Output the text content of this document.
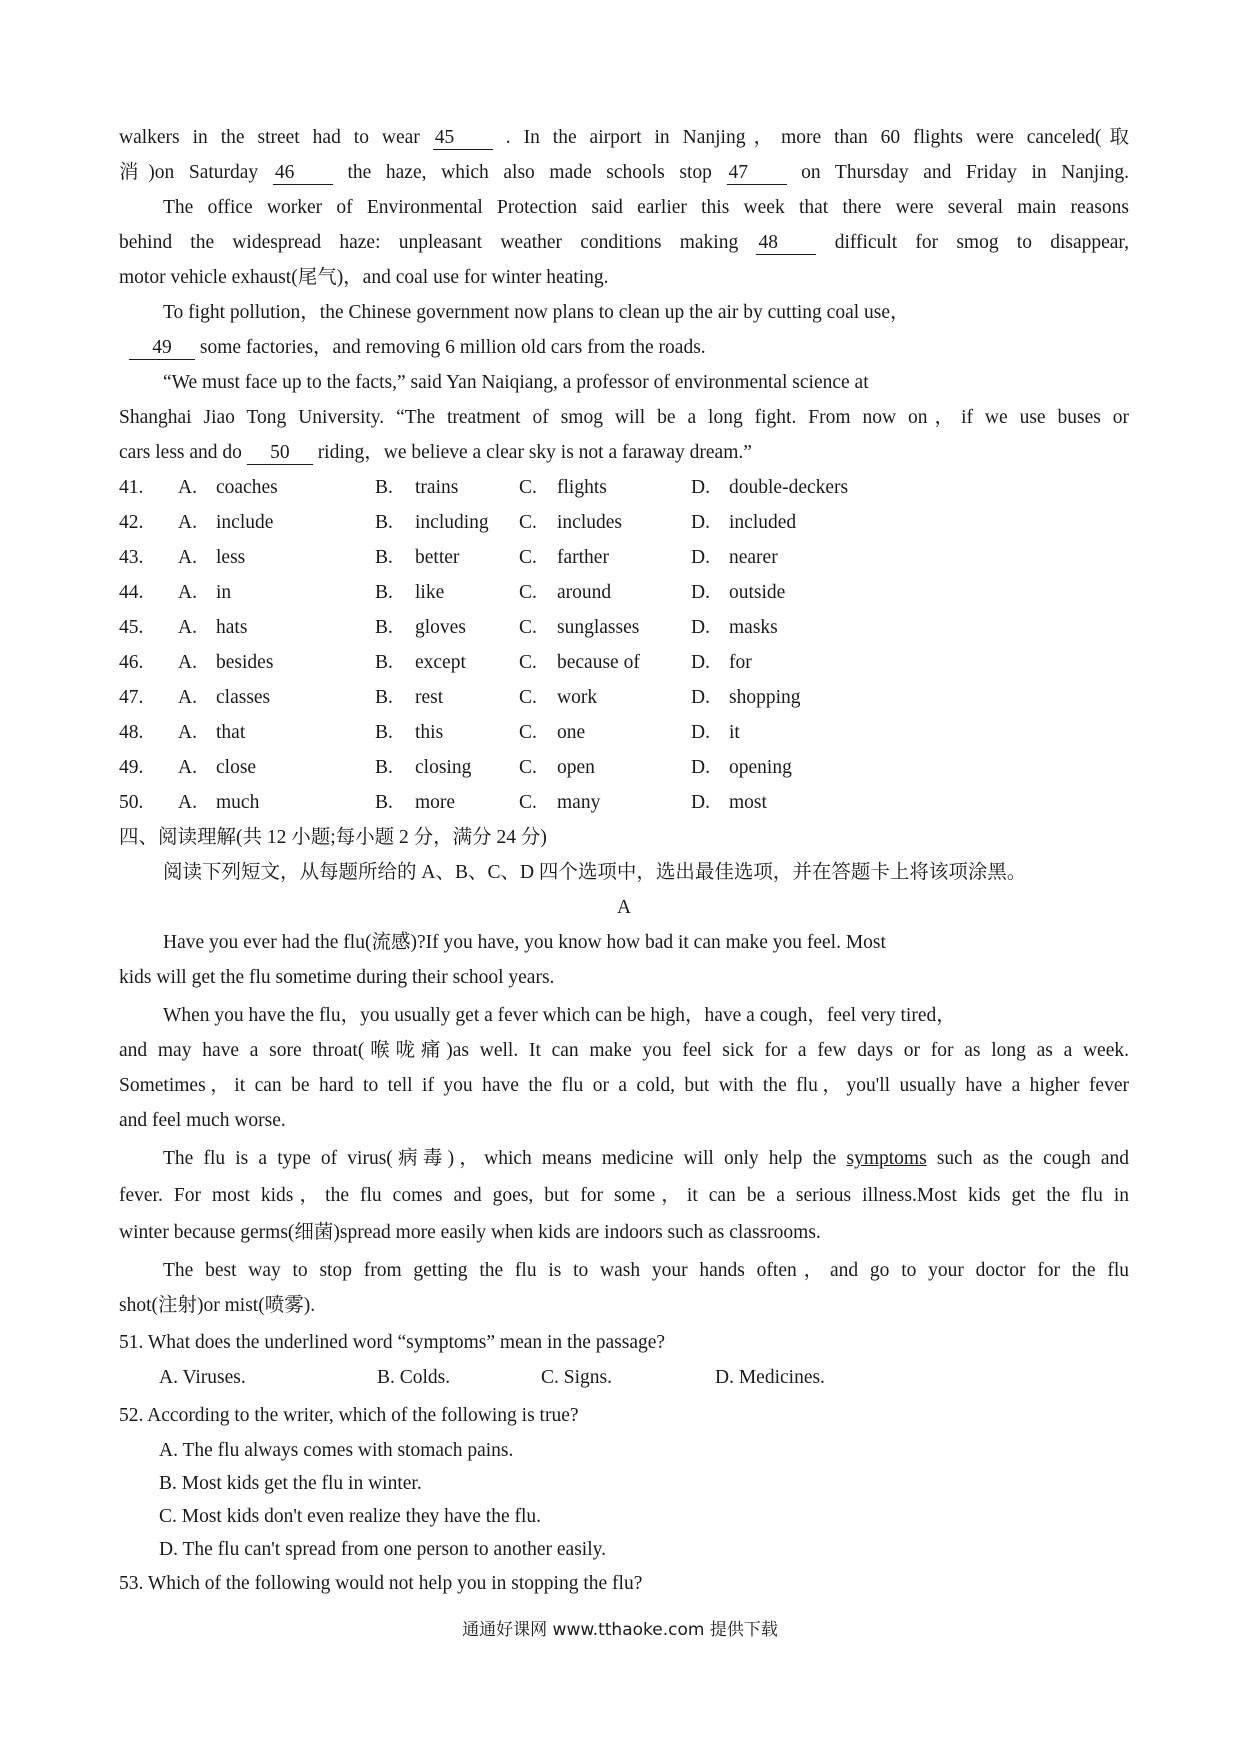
walkers in the street had to wear 45	. In the airport in Nanjing，more than 60 flights were canceled(取
消)on Saturday 46	the haze, which also made schools stop 47	on Thursday and Friday in Nanjing.
The office worker of Environmental Protection said earlier this week that there were several main reasons
behind the widespread haze: unpleasant weather conditions making 48	difficult for smog to disappear,
motor vehicle exhaust(尾气)，and coal use for winter heating.
To fight pollution，the Chinese government now plans to clean up the air by cutting coal use，
49 some factories，and removing 6 million old cars from the roads.
“We must face up to the facts,” said Yan Naiqiang, a professor of environmental science at
Shanghai Jiao Tong University. “The treatment of smog will be a long fight. From now on，if we use buses or
cars less and do 50 riding，we believe a clear sky is not a faraway dream.”
41. A. coaches	B. trains	C. flights	D. double-deckers
42. A. include	B. including C. includes	D. included
43. A. less	B. better	C. farther	D. nearer
44. A. in	B. like	C. around	D. outside
45. A. hats	B. gloves	C. sunglasses	D. masks
46. A. besides	B. except	C. because of	D. for
47. A. classes	B. rest	C. work	D. shopping
48. A. that	B. this	C. one	D. it
49. A. close	B. closing C. open	D. opening
50. A. much	B. more	C. many	D. most
四、阅读理解(共 12 小题;每小题 2 分，满分 24 分)
阅读下列短文，从每题所给的 A、B、C、D 四个选项中，选出最佳选项，并在答题卡上将该项涂黑。
A
Have you ever had the flu(流感)?If you have, you know how bad it can make you feel. Most
kids will get the flu sometime during their school years.
When you have the flu，you usually get a fever which can be high，have a cough，feel very tired，
and may have a sore throat(喉咙痛)as well. It can make you feel sick for a few days or for as long as a week.
Sometimes，it can be hard to tell if you have the flu or a cold, but with the flu，you'll usually have a higher fever
and feel much worse.
The flu is a type of virus(病毒)，which means medicine will only help the symptoms such as the cough and
fever. For most kids，the flu comes and goes, but for some，it can be a serious illness.Most kids get the flu in
winter because germs(细菌)spread more easily when kids are indoors such as classrooms.
The best way to stop from getting the flu is to wash your hands often，and go to your doctor for the flu
shot(注射)or mist(喷雾).
51. What does the underlined word “symptoms” mean in the passage?
A. Viruses.	B. Colds.	C. Signs.	D. Medicines.
52. According to the writer, which of the following is true?
A. The flu always comes with stomach pains.
B. Most kids get the flu in winter.
C. Most kids don't even realize they have the flu.
D. The flu can't spread from one person to another easily.
53. Which of the following would not help you in stopping the flu?
通通好课网 www.tthaoke.com 提供下载
